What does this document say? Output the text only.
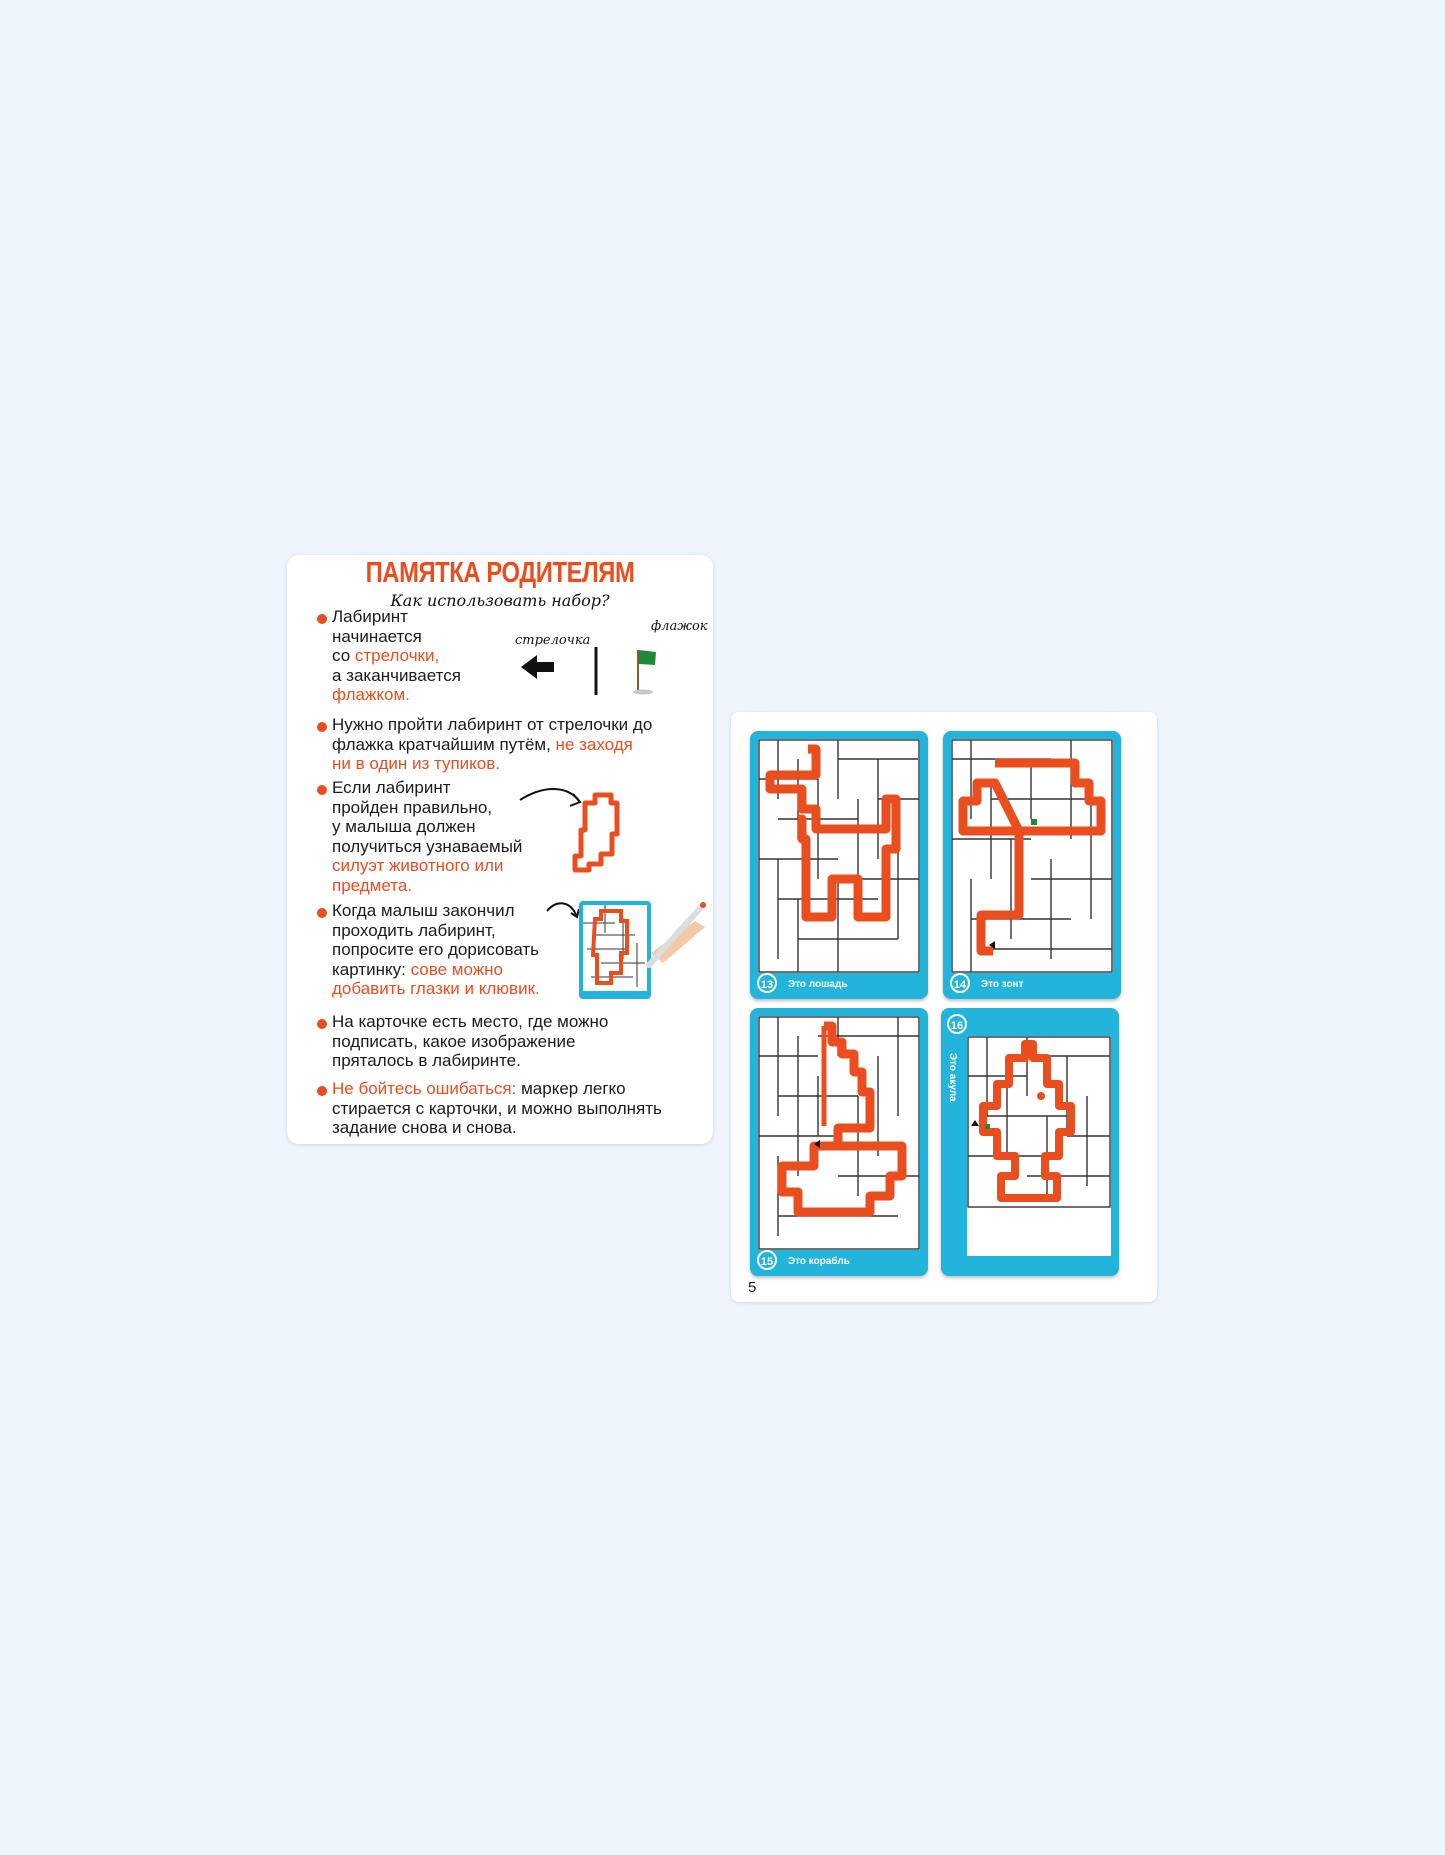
ПАМЯТКА РОДИТЕЛЯМ
Как использовать набор?
Лабиринт
начинается
со стрелочки,
а заканчивается
флажком.
стрелочка
флажок
Нужно пройти лабиринт от стрелочки до
флажка кратчайшим путём, не заходя
ни в один из тупиков.
Если лабиринт
пройден правильно,
у малыша должен
получиться узнаваемый
силуэт животного или
предмета.
Когда малыш закончил
проходить лабиринт,
попросите его дорисовать
картинку: сове можно
добавить глазки и клювик.
На карточке есть место, где можно
подписать, какое изображение
пряталось в лабиринте.
Не бойтесь ошибаться: маркер легко
стирается с карточки, и можно выполнять
задание снова и снова.
13	Это лошадь	14	Это зонт
15	Это корабль
16
Это акула
5
